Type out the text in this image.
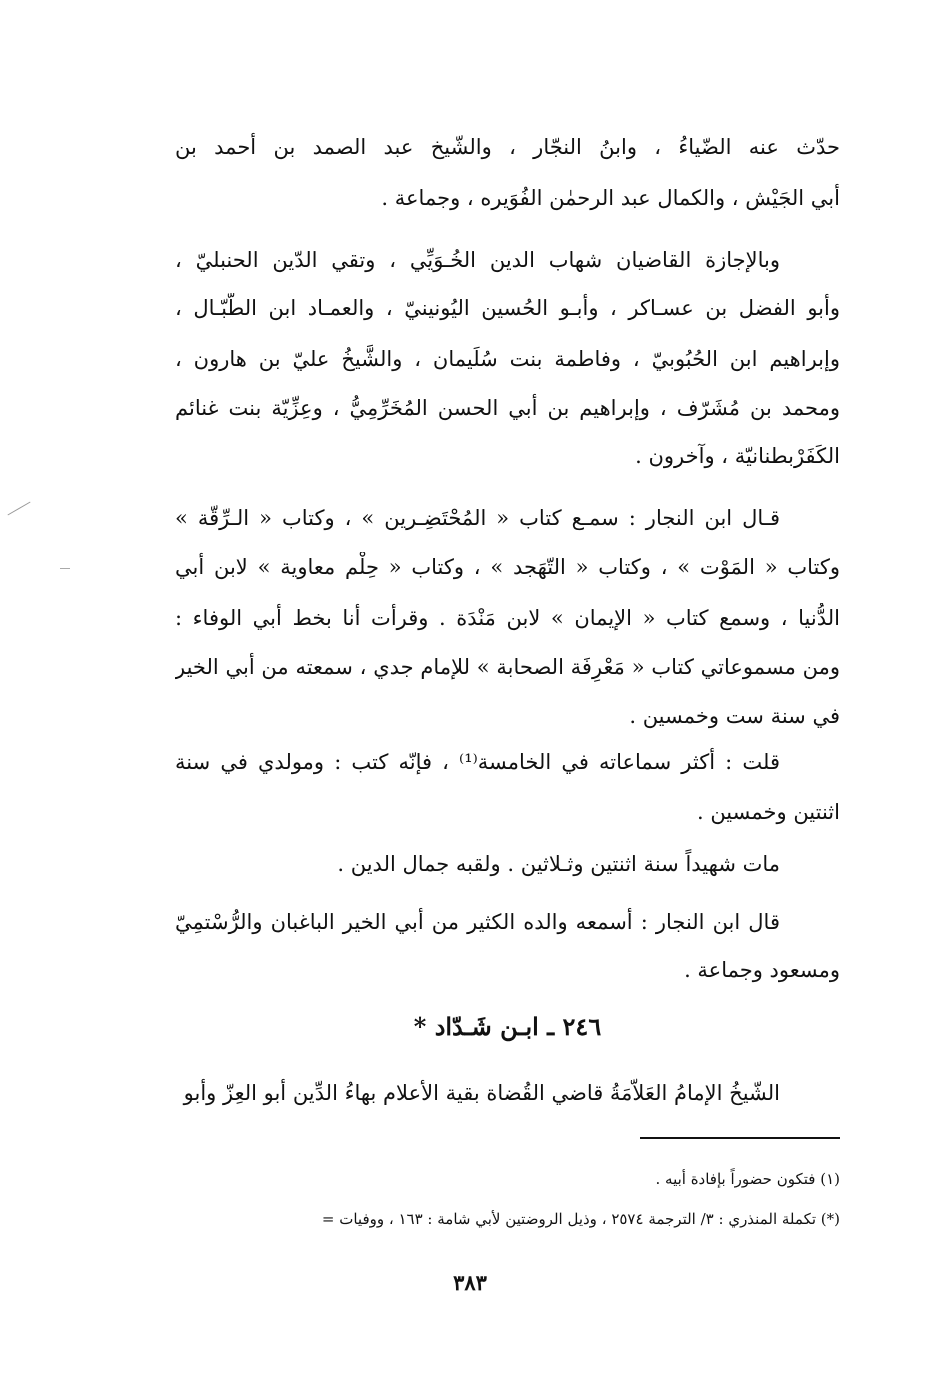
حدّث عنه الضّياءُ ، وابنُ النجّار ، والشّيخ عبد الصمد بن أحمد بن
أبي الجَيْش ، والكمال عبد الرحمٰن الفُوَيره ، وجماعة .
وبالإجازة القاضيان شهاب الدين الخُـوَيِّي ، وتقي الدّين الحنبليّ ،
وأبو الفضل بن عسـاكر ، وأبـو الحُسين اليُونينيّ ، والعمـاد ابن الطَّبّـال ،
وإبراهيم ابن الحُبُوبيّ ، وفاطمة بنت سُلَيمان ، والشَّيخُ عليّ بن هارون ،
ومحمد بن مُشَرّف ، وإبراهيم بن أبي الحسن المُخَرِّمِيُّ ، وعِزِّيّة بنت غنائم
الكَفَرْبطنانيّة ، وآخرون .
قـال ابن النجار : سمـع كتاب « المُحْتَضِـرين » ، وكتاب « الـرِّقّة »
وكتاب « المَوْت » ، وكتاب « التّهَجد » ، وكتاب « حِلْم معاوية » لابن أبي
الدُّنيا ، وسمع كتاب « الإيمان » لابن مَنْدَة . وقرأت أنا بخط أبي الوفاء :
ومن مسموعاتي كتاب « مَعْرِفَة الصحابة » للإمام جدي ، سمعته من أبي الخير
في سنة ست وخمسين .
قلت : أكثر سماعاته في الخامسة⁽¹⁾ ، فإنّه كتب : ومولدي في سنة
اثنتين وخمسين .
مات شهيداً سنة اثنتين وثـلاثين . ولقبه جمال الدين .
قال ابن النجار : أسمعه والده الكثير من أبي الخير الباغبان والرُّسْتمِيّ
ومسعود وجماعة .
٢٤٦ ـ ابـن شَـدّاد *
الشّيخُ الإمامُ العَلاّمَةُ قاضي القُضاة بقية الأعلام بهاءُ الدِّين أبو العِزّ وأبو
(١) فتكون حضوراً بإفادة أبيه .
(*) تكملة المنذري : ٣/ الترجمة ٢٥٧٤ ، وذيل الروضتين لأبي شامة : ١٦٣ ، ووفيات =
٣٨٣
